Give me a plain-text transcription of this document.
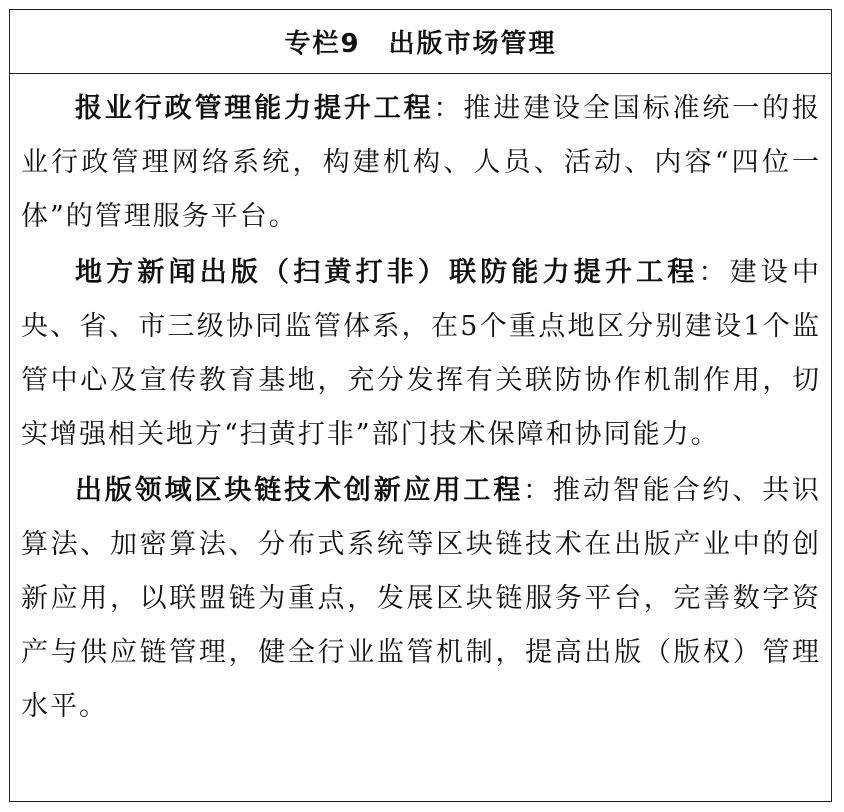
专栏9　出版市场管理

报业行政管理能力提升工程：推进建设全国标准统一的报业行政管理网络系统，构建机构、人员、活动、内容“四位一体”的管理服务平台。

地方新闻出版（扫黄打非）联防能力提升工程：建设中央、省、市三级协同监管体系，在5个重点地区分别建设1个监管中心及宣传教育基地，充分发挥有关联防协作机制作用，切实增强相关地方“扫黄打非”部门技术保障和协同能力。

出版领域区块链技术创新应用工程：推动智能合约、共识算法、加密算法、分布式系统等区块链技术在出版产业中的创新应用，以联盟链为重点，发展区块链服务平台，完善数字资产与供应链管理，健全行业监管机制，提高出版（版权）管理水平。
